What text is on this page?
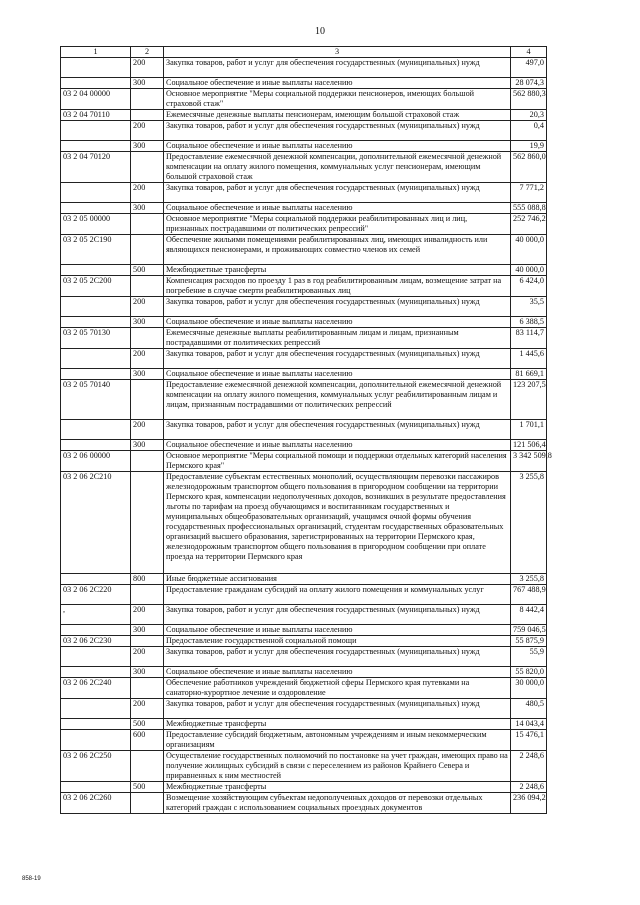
10
1	2	3	4
	200	Закупка товаров, работ и услуг для обеспечения государственных (муниципальных) нужд	497,0
	300	Социальное обеспечение и иные выплаты населению	28 074,3
03 2 04 00000		Основное мероприятие "Меры социальной поддержки пенсионеров, имеющих большой страховой стаж"	562 880,3
03 2 04 70110		Ежемесячные денежные выплаты пенсионерам, имеющим большой страховой стаж	20,3
	200	Закупка товаров, работ и услуг для обеспечения государственных (муниципальных) нужд	0,4
	300	Социальное обеспечение и иные выплаты населению	19,9
03 2 04 70120		Предоставление ежемесячной денежной компенсации, дополнительной ежемесячной денежной компенсации на оплату жилого помещения, коммунальных услуг пенсионерам, имеющим большой страховой стаж	562 860,0
	200	Закупка товаров, работ и услуг для обеспечения государственных (муниципальных) нужд	7 771,2
	300	Социальное обеспечение и иные выплаты населению	555 088,8
03 2 05 00000		Основное мероприятие "Меры социальной поддержки реабилитированных лиц и лиц, признанных пострадавшими от политических репрессий"	252 746,2
03 2 05 2С190		Обеспечение жильими помещениями реабилитированных лиц, имеющих инвалидность или являющихся пенсионерами, и проживающих совместно членов их семей	40 000,0
	500	Межбюджетные трансферты	40 000,0
03 2 05 2С200		Компенсация расходов по проезду 1 раз в год реабилитированным лицам, возмещение затрат на погребение в случае смерти реабилитированных лиц	6 424,0
	200	Закупка товаров, работ и услуг для обеспечения государственных (муниципальных) нужд	35,5
	300	Социальное обеспечение и иные выплаты населению	6 388,5
03 2 05 70130		Ежемесячные денежные выплаты реабилитированным лицам и лицам, признанным пострадавшими от политических репрессий	83 114,7
	200	Закупка товаров, работ и услуг для обеспечения государственных (муниципальных) нужд	1 445,6
	300	Социальное обеспечение и иные выплаты населению	81 669,1
03 2 05 70140		Предоставление ежемесячной денежной компенсации, дополнительной ежемесячной денежной компенсации на оплату жилого помещения, коммунальных услуг реабилитированным лицам и лицам, признанным пострадавшими от политических репрессий	123 207,5
	200	Закупка товаров, работ и услуг для обеспечения государственных (муниципальных) нужд	1 701,1
	300	Социальное обеспечение и иные выплаты населению	121 506,4
03 2 06 00000		Основное мероприятие "Меры социальной помощи и поддержки отдельных категорий населения Пермского края"	3 342 509,8
03 2 06 2С210		Предоставление субъектам естественных монополий, осуществляющим перевозки пассажиров железнодорожным транспортом общего пользования в пригородном сообщении на территории Пермского края, компенсации недополученных доходов, возникших в результате предоставления льготы по тарифам на проезд обучающимся и воспитанникам государственных и муниципальных общеобразовательных организаций, учащимся очной формы обучения государственных профессиональных организаций, студентам государственных образовательных организаций высшего образования, зарегистрированных на территории Пермского края, железнодорожным транспортом общего пользования в пригородном сообщении при оплате проезда на территории Пермского края	3 255,8
	800	Иные бюджетные ассигнования	3 255,8
03 2 06 2С220		Предоставление гражданам субсидий на оплату жилого помещения и коммунальных услуг	767 488,9
,	200	Закупка товаров, работ и услуг для обеспечения государственных (муниципальных) нужд	8 442,4
	300	Социальное обеспечение и иные выплаты населению	759 046,5
03 2 06 2С230		Предоставление государственной социальной помощи	55 875,9
	200	Закупка товаров, работ и услуг для обеспечения государственных (муниципальных) нужд	55,9
	300	Социальное обеспечение и иные выплаты населению	55 820,0
03 2 06 2С240		Обеспечение работников учреждений бюджетной сферы Пермского края путевками на санаторно-курортное лечение и оздоровление	30 000,0
	200	Закупка товаров, работ и услуг для обеспечения государственных (муниципальных) нужд	480,5
	500	Межбюджетные трансферты	14 043,4
	600	Предоставление субсидий бюджетным, автономным учреждениям и иным некоммерческим организациям	15 476,1
03 2 06 2С250		Осуществление государственных полномочий по постановке на учет граждан, имеющих право на получение жилищных субсидий в связи с переселением из районов Крайнего Севера и приравненных к ним местностей	2 248,6
	500	Межбюджетные трансферты	2 248,6
03 2 06 2С260		Возмещение хозяйствующим субъектам недополученных доходов от перевозки отдельных категорий граждан с использованием социальных проездных документов	236 094,2
858-19
